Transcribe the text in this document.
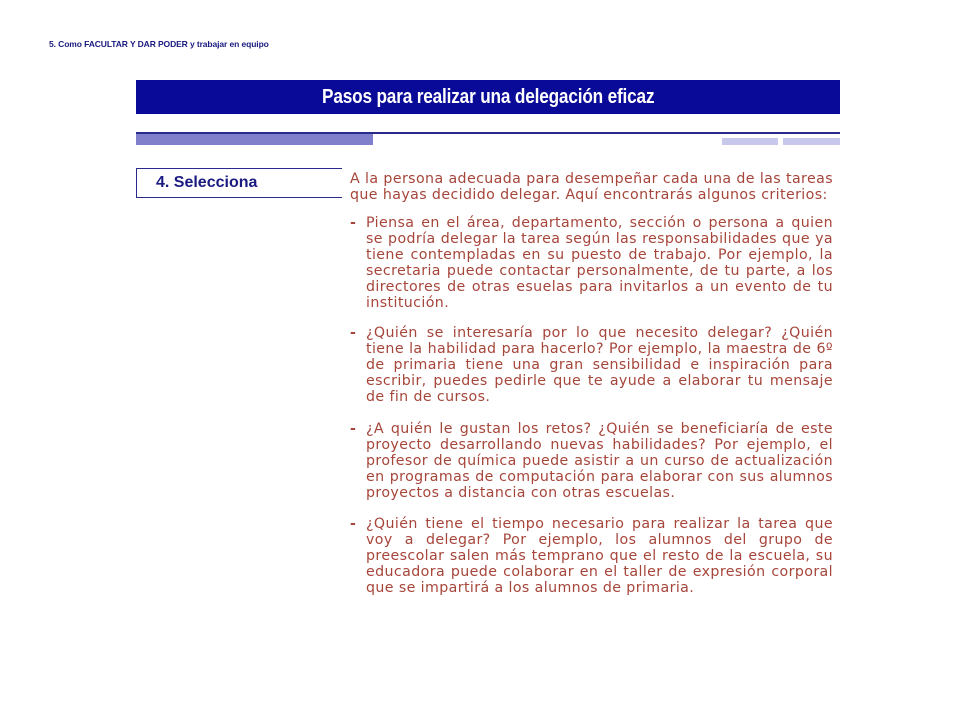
5. Como FACULTAR Y DAR PODER y trabajar en equipo
Pasos para realizar una delegación eficaz
4. Selecciona	A la persona adecuada para desempeñar cada una de las tareas que hayas decidido delegar. Aquí encontrarás algunos criterios:

- Piensa en el área, departamento, sección o persona a quien se podría delegar la tarea según las responsabilidades que ya tiene contempladas en su puesto de trabajo. Por ejemplo, la secretaria puede contactar personalmente, de tu parte, a los directores de otras esuelas para invitarlos a un evento de tu institución.
- ¿Quién se interesaría por lo que necesito delegar? ¿Quién tiene la habilidad para hacerlo? Por ejemplo, la maestra de 6º de primaria tiene una gran sensibilidad e inspiración para escribir, puedes pedirle que te ayude a elaborar tu mensaje de fin de cursos.
- ¿A quién le gustan los retos? ¿Quién se beneficiaría de este proyecto desarrollando nuevas habilidades? Por ejemplo, el profesor de química puede asistir a un curso de actualización en programas de computación para elaborar con sus alumnos proyectos a distancia con otras escuelas.
- ¿Quién tiene el tiempo necesario para realizar la tarea que voy a delegar? Por ejemplo, los alumnos del grupo de preescolar salen más temprano que el resto de la escuela, su educadora puede colaborar en el taller de expresión corporal que se impartirá a los alumnos de primaria.
